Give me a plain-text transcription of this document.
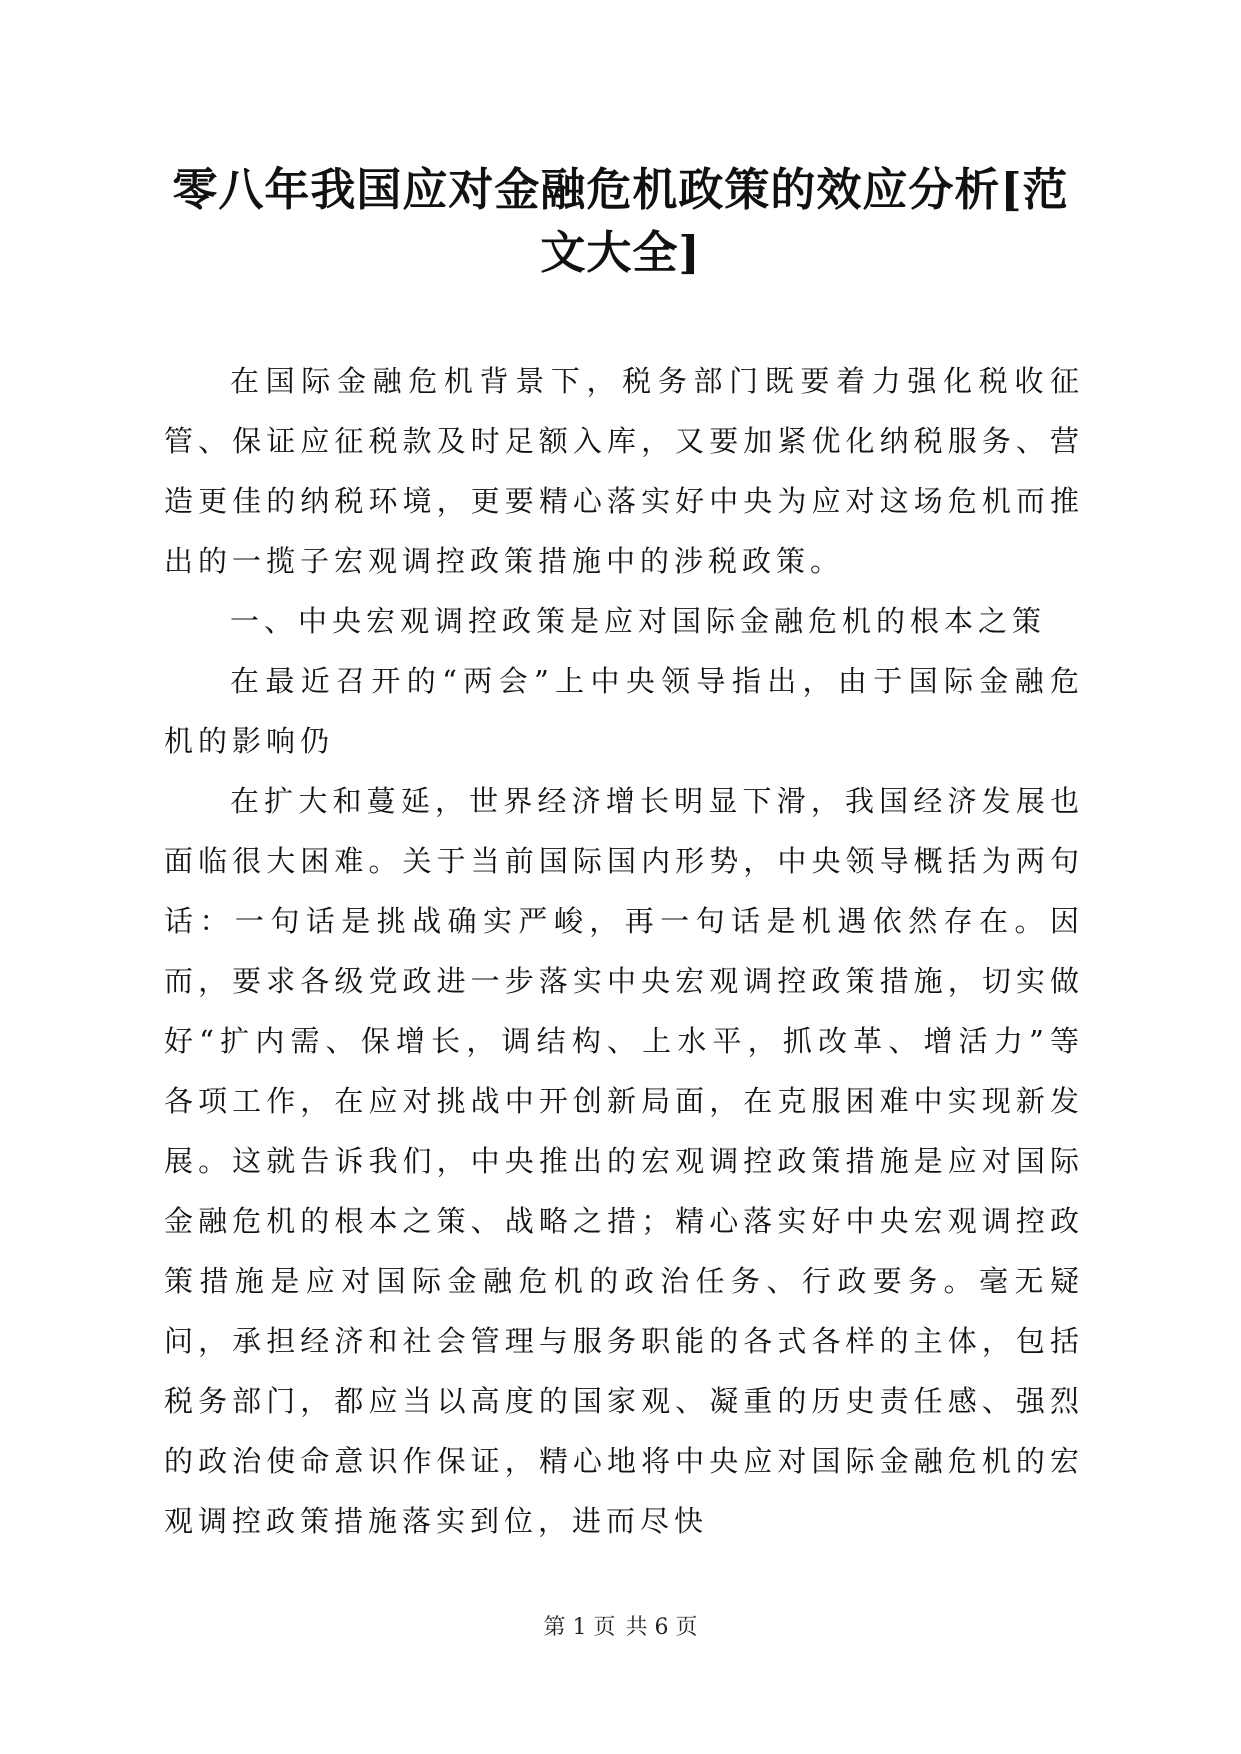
零八年我国应对金融危机政策的效应分析[范文大全]

在国际金融危机背景下，税务部门既要着力强化税收征管、保证应征税款及时足额入库，又要加紧优化纳税服务、营造更佳的纳税环境，更要精心落实好中央为应对这场危机而推出的一揽子宏观调控政策措施中的涉税政策。

一、中央宏观调控政策是应对国际金融危机的根本之策

在最近召开的“两会”上中央领导指出，由于国际金融危机的影响仍

在扩大和蔓延，世界经济增长明显下滑，我国经济发展也面临很大困难。关于当前国际国内形势，中央领导概括为两句话：一句话是挑战确实严峻，再一句话是机遇依然存在。因而，要求各级党政进一步落实中央宏观调控政策措施，切实做好“扩内需、保增长，调结构、上水平，抓改革、增活力”等各项工作，在应对挑战中开创新局面，在克服困难中实现新发展。这就告诉我们，中央推出的宏观调控政策措施是应对国际金融危机的根本之策、战略之措；精心落实好中央宏观调控政策措施是应对国际金融危机的政治任务、行政要务。毫无疑问，承担经济和社会管理与服务职能的各式各样的主体，包括税务部门，都应当以高度的国家观、凝重的历史责任感、强烈的政治使命意识作保证，精心地将中央应对国际金融危机的宏观调控政策措施落实到位，进而尽快

第 1 页 共 6 页
